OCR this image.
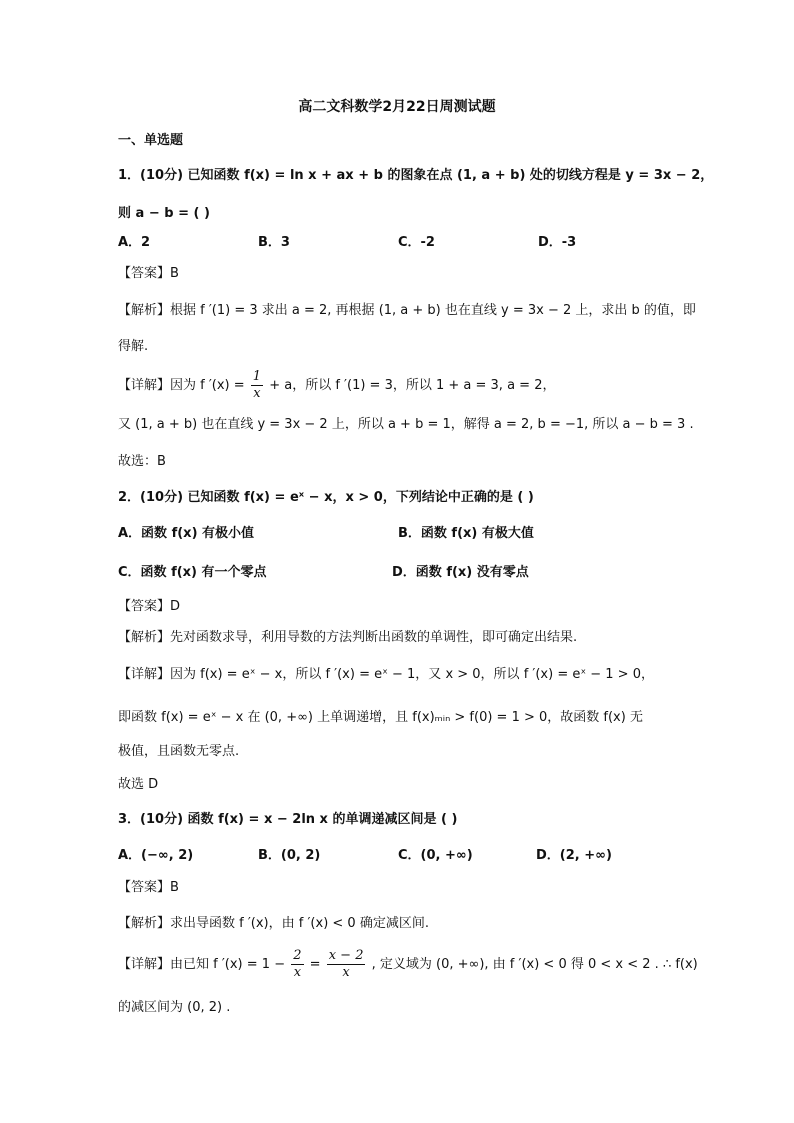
高二文科数学2月22日周测试题
一、单选题
1．(10分) 已知函数 f(x) = ln x + ax + b 的图象在点 (1, a + b) 处的切线方程是 y = 3x − 2，
则 a − b = ( )
A．2	B．3	C．-2	D．-3
【答案】B
【解析】根据 f ′(1) = 3 求出 a = 2, 再根据 (1, a + b) 也在直线 y = 3x − 2 上，求出 b 的值，即
得解.
【详解】因为 f $'(x) = \frac{1}{x} + a$，所以 f ′(1) = 3，所以 1 + a = 3, a = 2，
又 (1, a + b) 也在直线 y = 3x − 2 上，所以 a + b = 1，解得 a = 2, b = −1, 所以 a − b = 3 .
故选：B
2．(10分) 已知函数 f(x) = eˣ − x，x > 0，下列结论中正确的是 ( )
A．函数 f(x) 有极小值	B．函数 f(x) 有极大值
C．函数 f(x) 有一个零点	D．函数 f(x) 没有零点
【答案】D
【解析】先对函数求导，利用导数的方法判断出函数的单调性，即可确定出结果.
【详解】因为 f(x) = eˣ − x，所以 f ′(x) = eˣ − 1，又 x > 0，所以 f ′(x) = eˣ − 1 > 0，
即函数 f(x) = eˣ − x 在 (0, +∞) 上单调递增，且 f(x)ₘᵢₙ > f(0) = 1 > 0，故函数 f(x) 无
极值，且函数无零点.
故选 D
3．(10分) 函数 f(x) = x − 2ln x 的单调递减区间是 ( )
A．(−∞, 2)	B．(0, 2)	C．(0, +∞)	D．(2, +∞)
【答案】B
【解析】求出导函数 f ′(x)，由 f ′(x) < 0 确定减区间.
【详解】由已知 f $'(x) = 1 - \frac{2}{x} = \frac{x - 2}{x}$ , 定义域为 (0, +∞), 由 f ′(x) < 0 得 0 < x < 2 . ∴ f(x)
的减区间为 (0, 2) .
